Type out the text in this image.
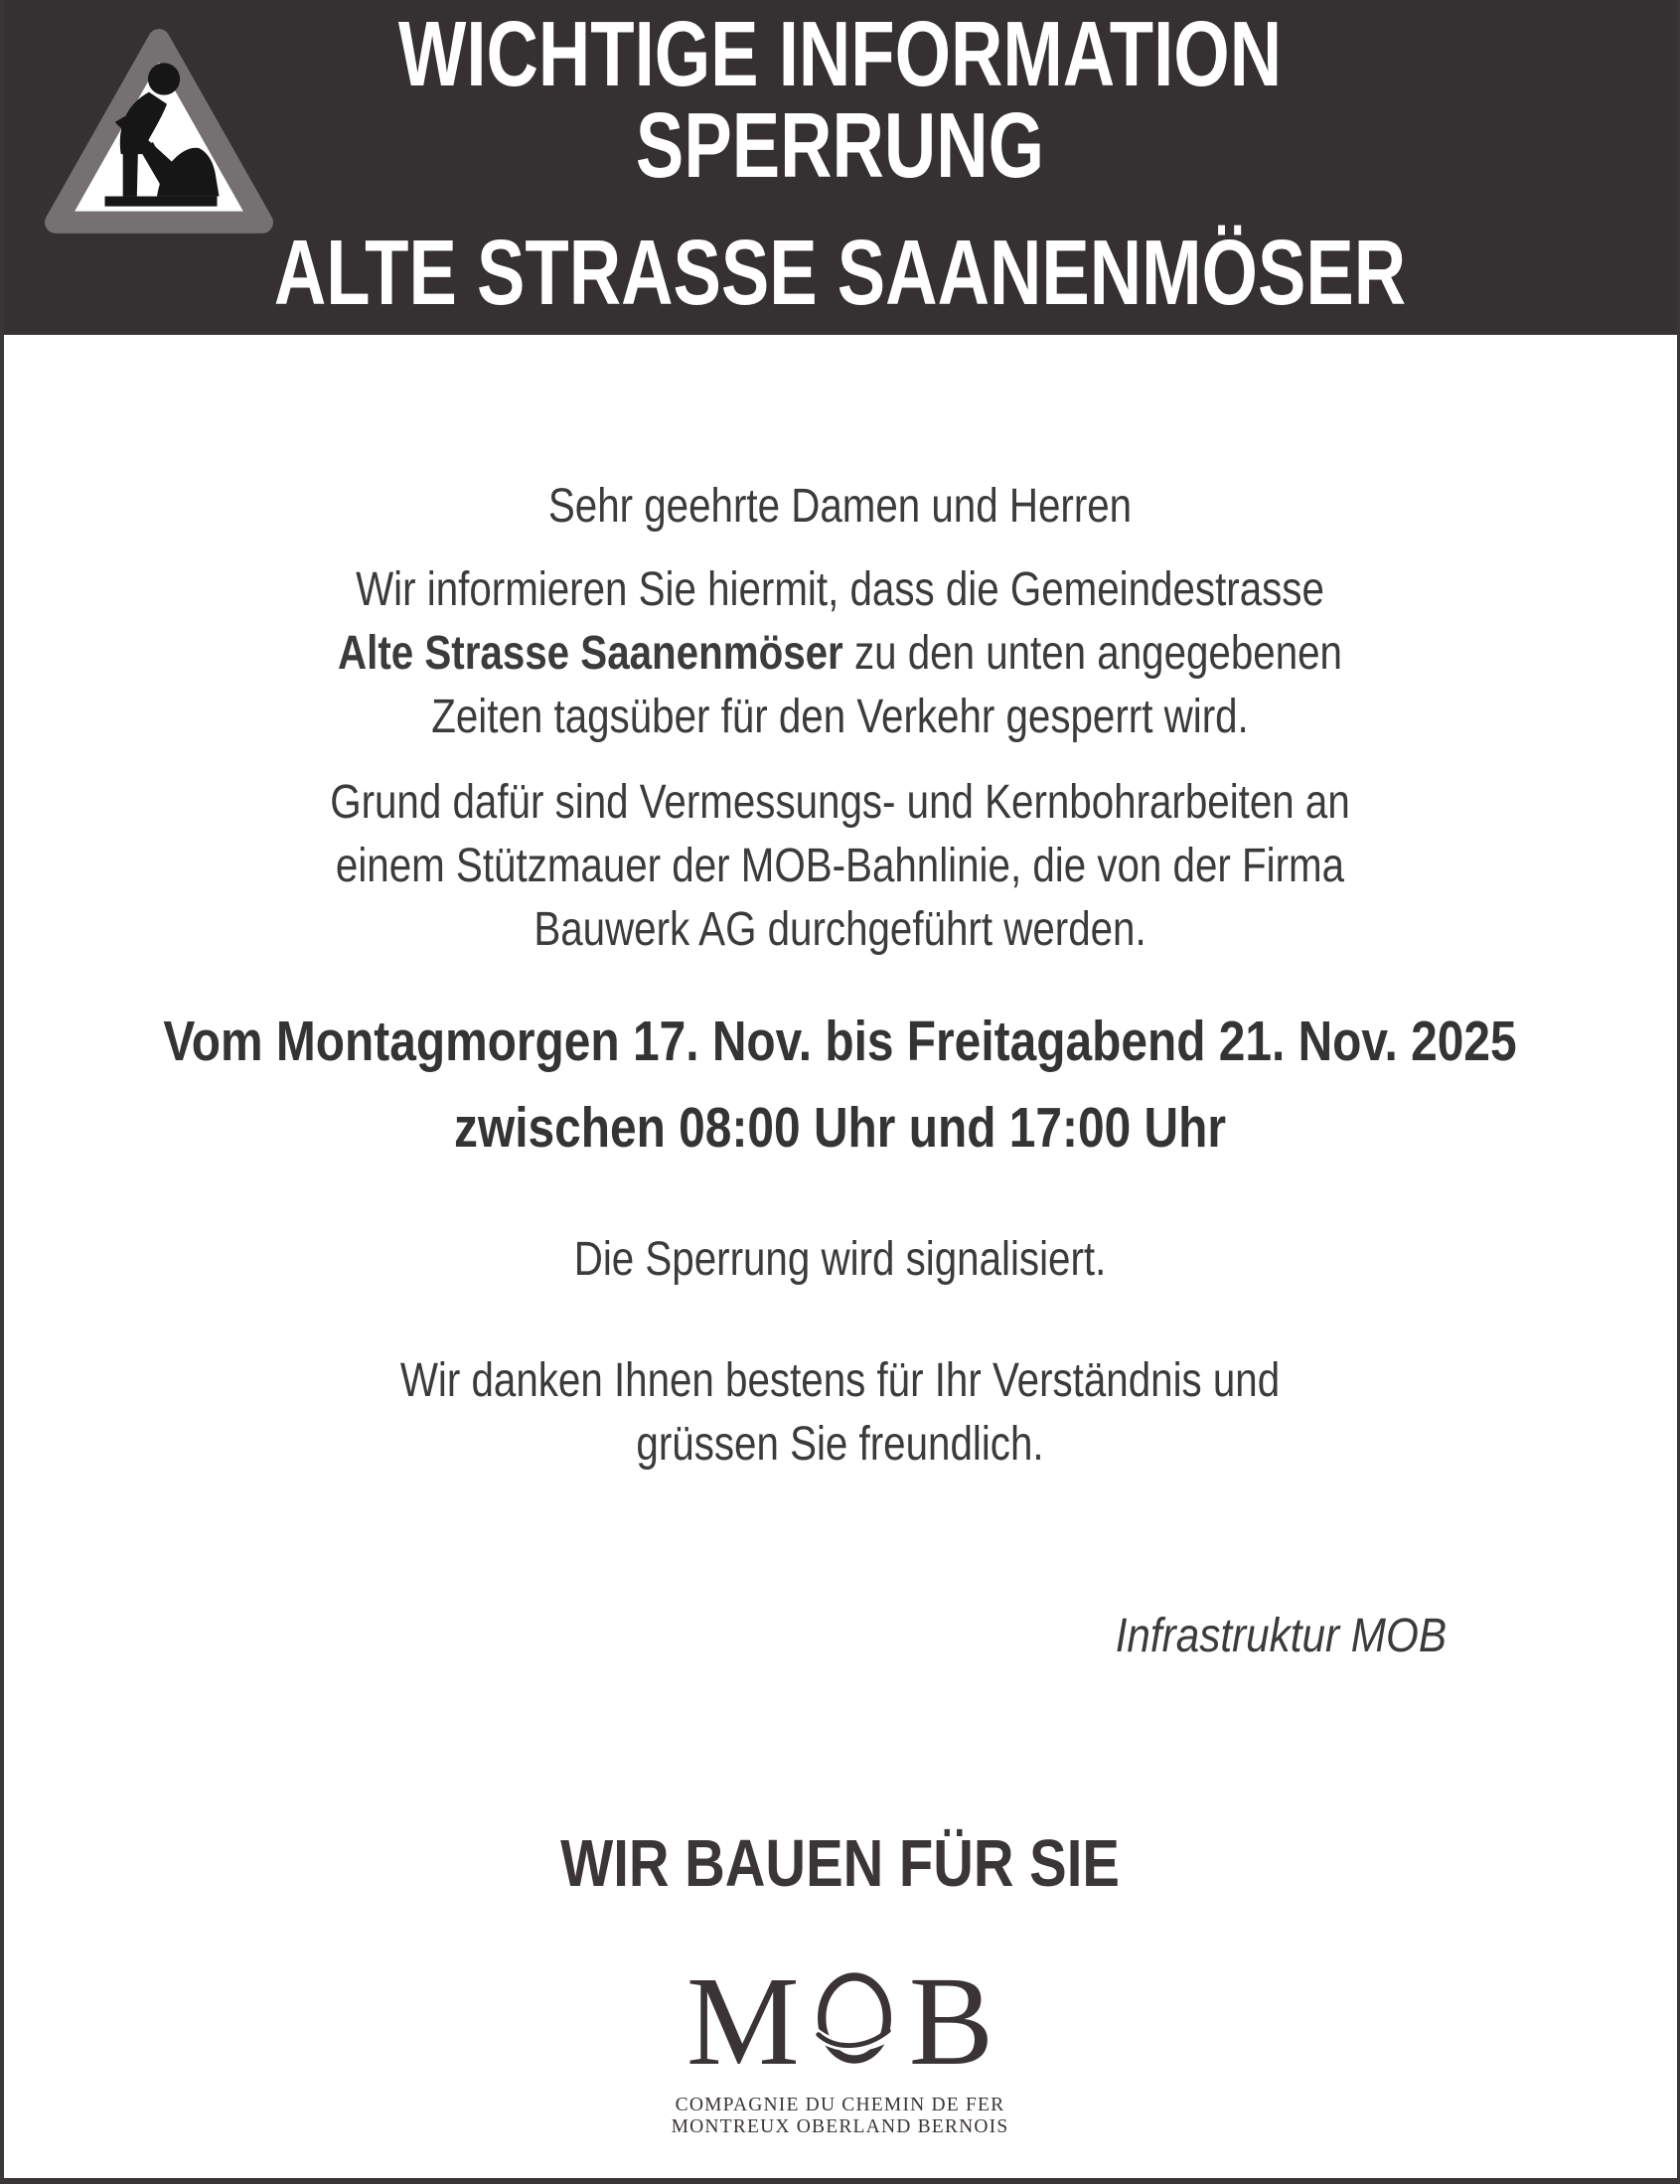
WICHTIGE INFORMATION
SPERRUNG
ALTE STRASSE SAANENMÖSER
Sehr geehrte Damen und Herren
Wir informieren Sie hiermit, dass die Gemeindestrasse
Alte Strasse Saanenmöser zu den unten angegebenen
Zeiten tagsüber für den Verkehr gesperrt wird.
Grund dafür sind Vermessungs- und Kernbohrarbeiten an
einem Stützmauer der MOB-Bahnlinie, die von der Firma
Bauwerk AG durchgeführt werden.
Vom Montagmorgen 17. Nov. bis Freitagabend 21. Nov. 2025
zwischen 08:00 Uhr und 17:00 Uhr
Die Sperrung wird signalisiert.
Wir danken Ihnen bestens für Ihr Verständnis und
grüssen Sie freundlich.
Infrastruktur MOB
WIR BAUEN FÜR SIE
M B
COMPAGNIE DU CHEMIN DE FER
MONTREUX OBERLAND BERNOIS
